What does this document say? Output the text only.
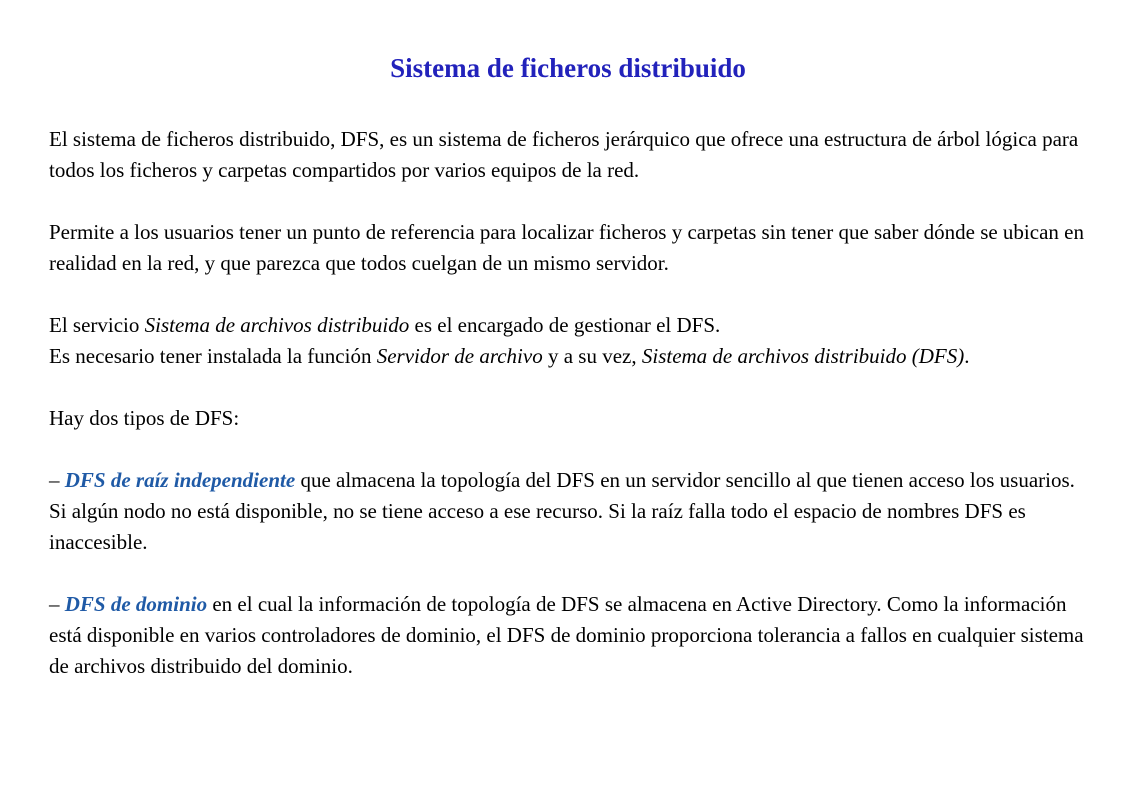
Sistema de ficheros distribuido

El sistema de ficheros distribuido, DFS, es un sistema de ficheros jerárquico que ofrece una estructura de árbol lógica para todos los ficheros y carpetas compartidos por varios equipos de la red.

Permite a los usuarios tener un punto de referencia para localizar ficheros y carpetas sin tener que saber dónde se ubican en realidad en la red, y que parezca que todos cuelgan de un mismo servidor.

El servicio Sistema de archivos distribuido es el encargado de gestionar el DFS.

Es necesario tener instalada la función Servidor de archivo y a su vez, Sistema de archivos distribuido (DFS).

Hay dos tipos de DFS:

– DFS de raíz independiente que almacena la topología del DFS en un servidor sencillo al que tienen acceso los usuarios. Si algún nodo no está disponible, no se tiene acceso a ese recurso. Si la raíz falla todo el espacio de nombres DFS es inaccesible.

– DFS de dominio en el cual la información de topología de DFS se almacena en Active Directory. Como la información está disponible en varios controladores de dominio, el DFS de dominio proporciona tolerancia a fallos en cualquier sistema de archivos distribuido del dominio.
